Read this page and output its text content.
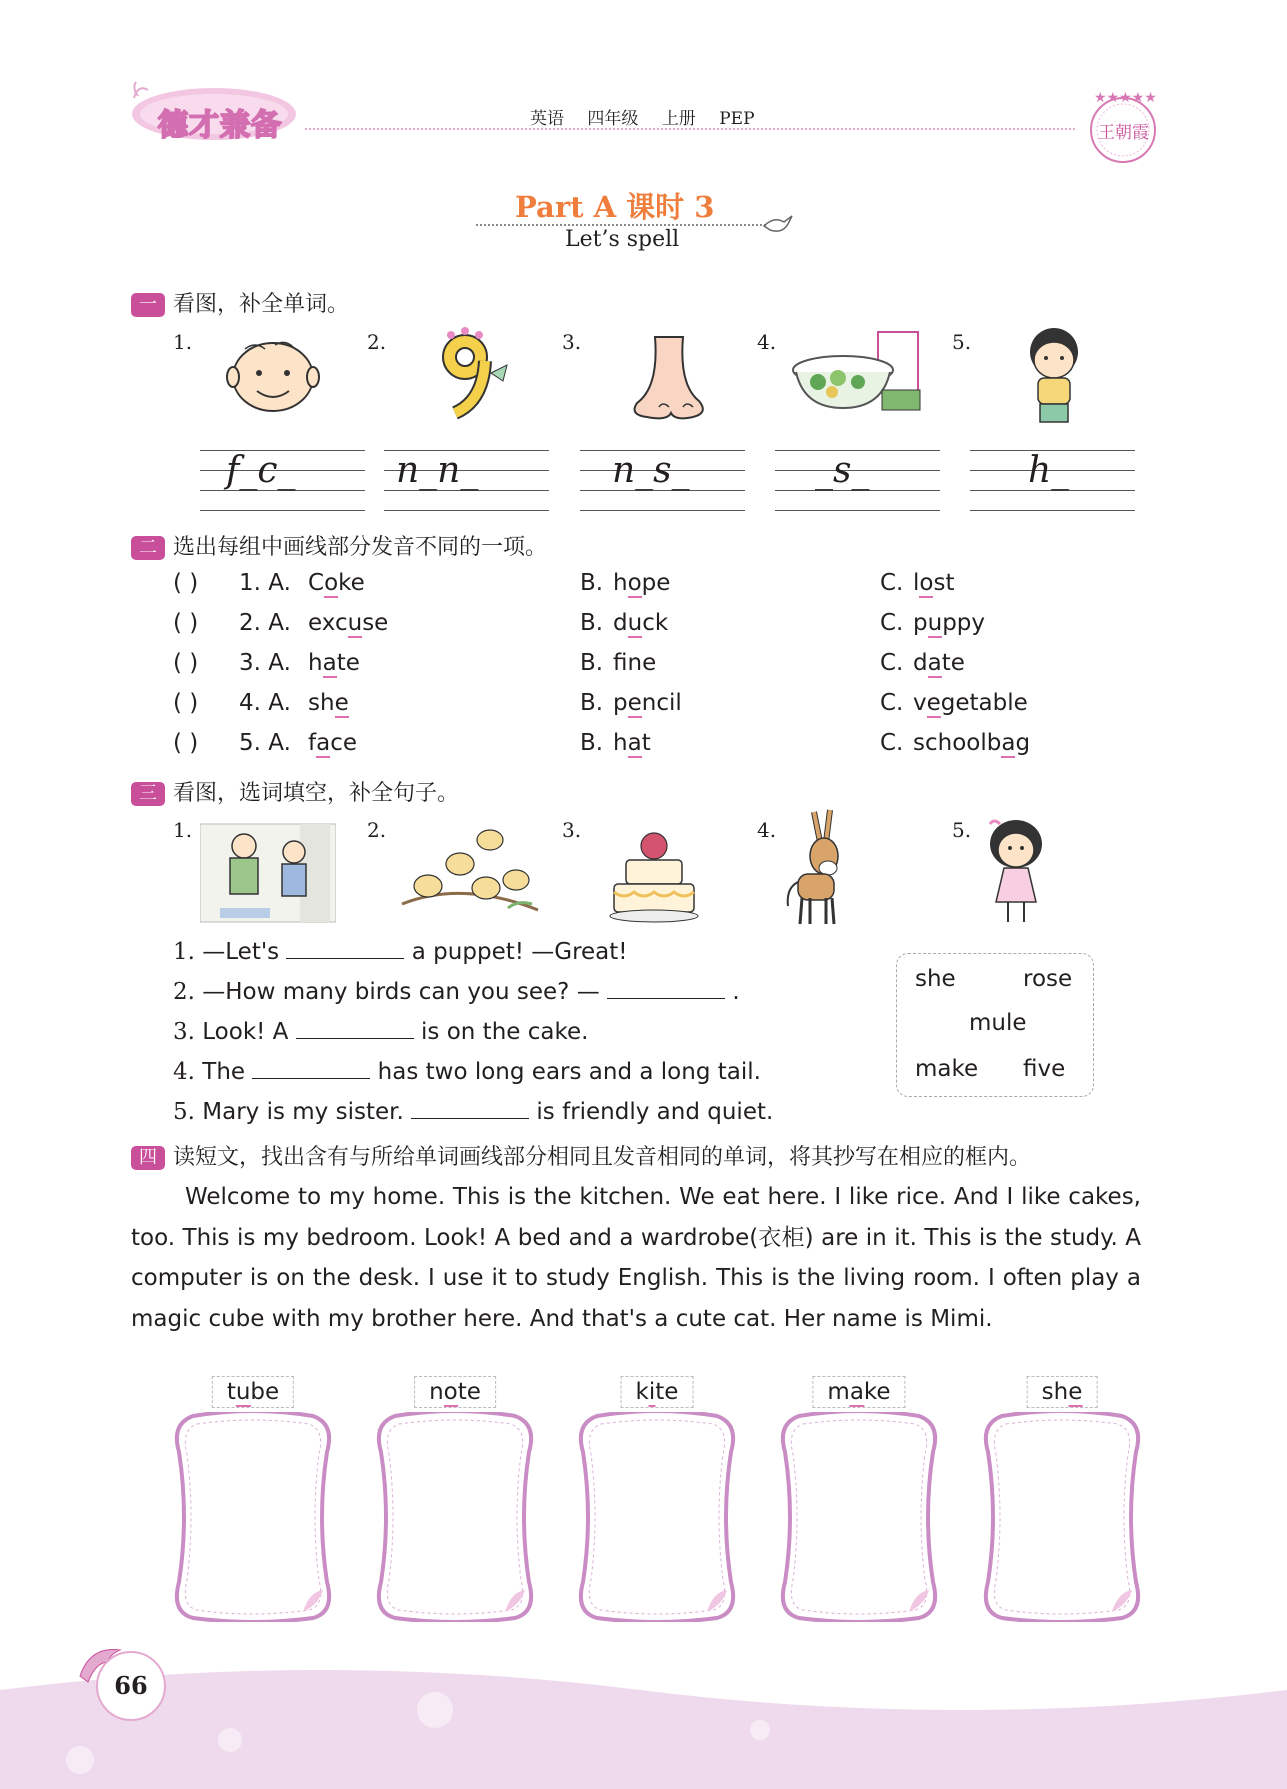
德才兼备	英语 四年级 上册 PEP
★★★★★
王朝霞
Part A 课时 3
Let’s spell
一 看图，补全单词。
1.	2.	3.	4.	5.
f_c_	n_n_	n_s_	_s_	h_
二 选出每组中画线部分发音不同的一项。
( ) 1. A. Coke	B. hope	C. lost
( ) 2. A. excuse	B. duck	C. puppy
( ) 3. A. hate	B. fne	C. date
( ) 4. A. she	B. pencil	C. vegetable
( ) 5. A. face	B. hat	C. schoolbag
三 看图，选词填空，补全句子。
1.	2.	3.	4.	5.
1. —Let's	a puppet! —Great!
2. —How many birds can you see? —	.
3. Look! A	is on the cake.
4. The	has two long ears and a long tail.
5. Mary is my sister.	is friendly and quiet.
she	rose
mule
make five
四 读短文，找出含有与所给单词画线部分相同且发音相同的单词，将其抄写在相应的框内。

Welcome to my home. This is the kitchen. We eat here. I like rice. And I like cakes, too. This is my bedroom. Look! A bed and a wardrobe(衣柜) are in it. This is the study. A computer is on the desk. I use it to study English. This is the living room. I often play a magic cube with my brother here. And that's a cute cat. Her name is Mimi.

tube	note	kite	make	she
66
